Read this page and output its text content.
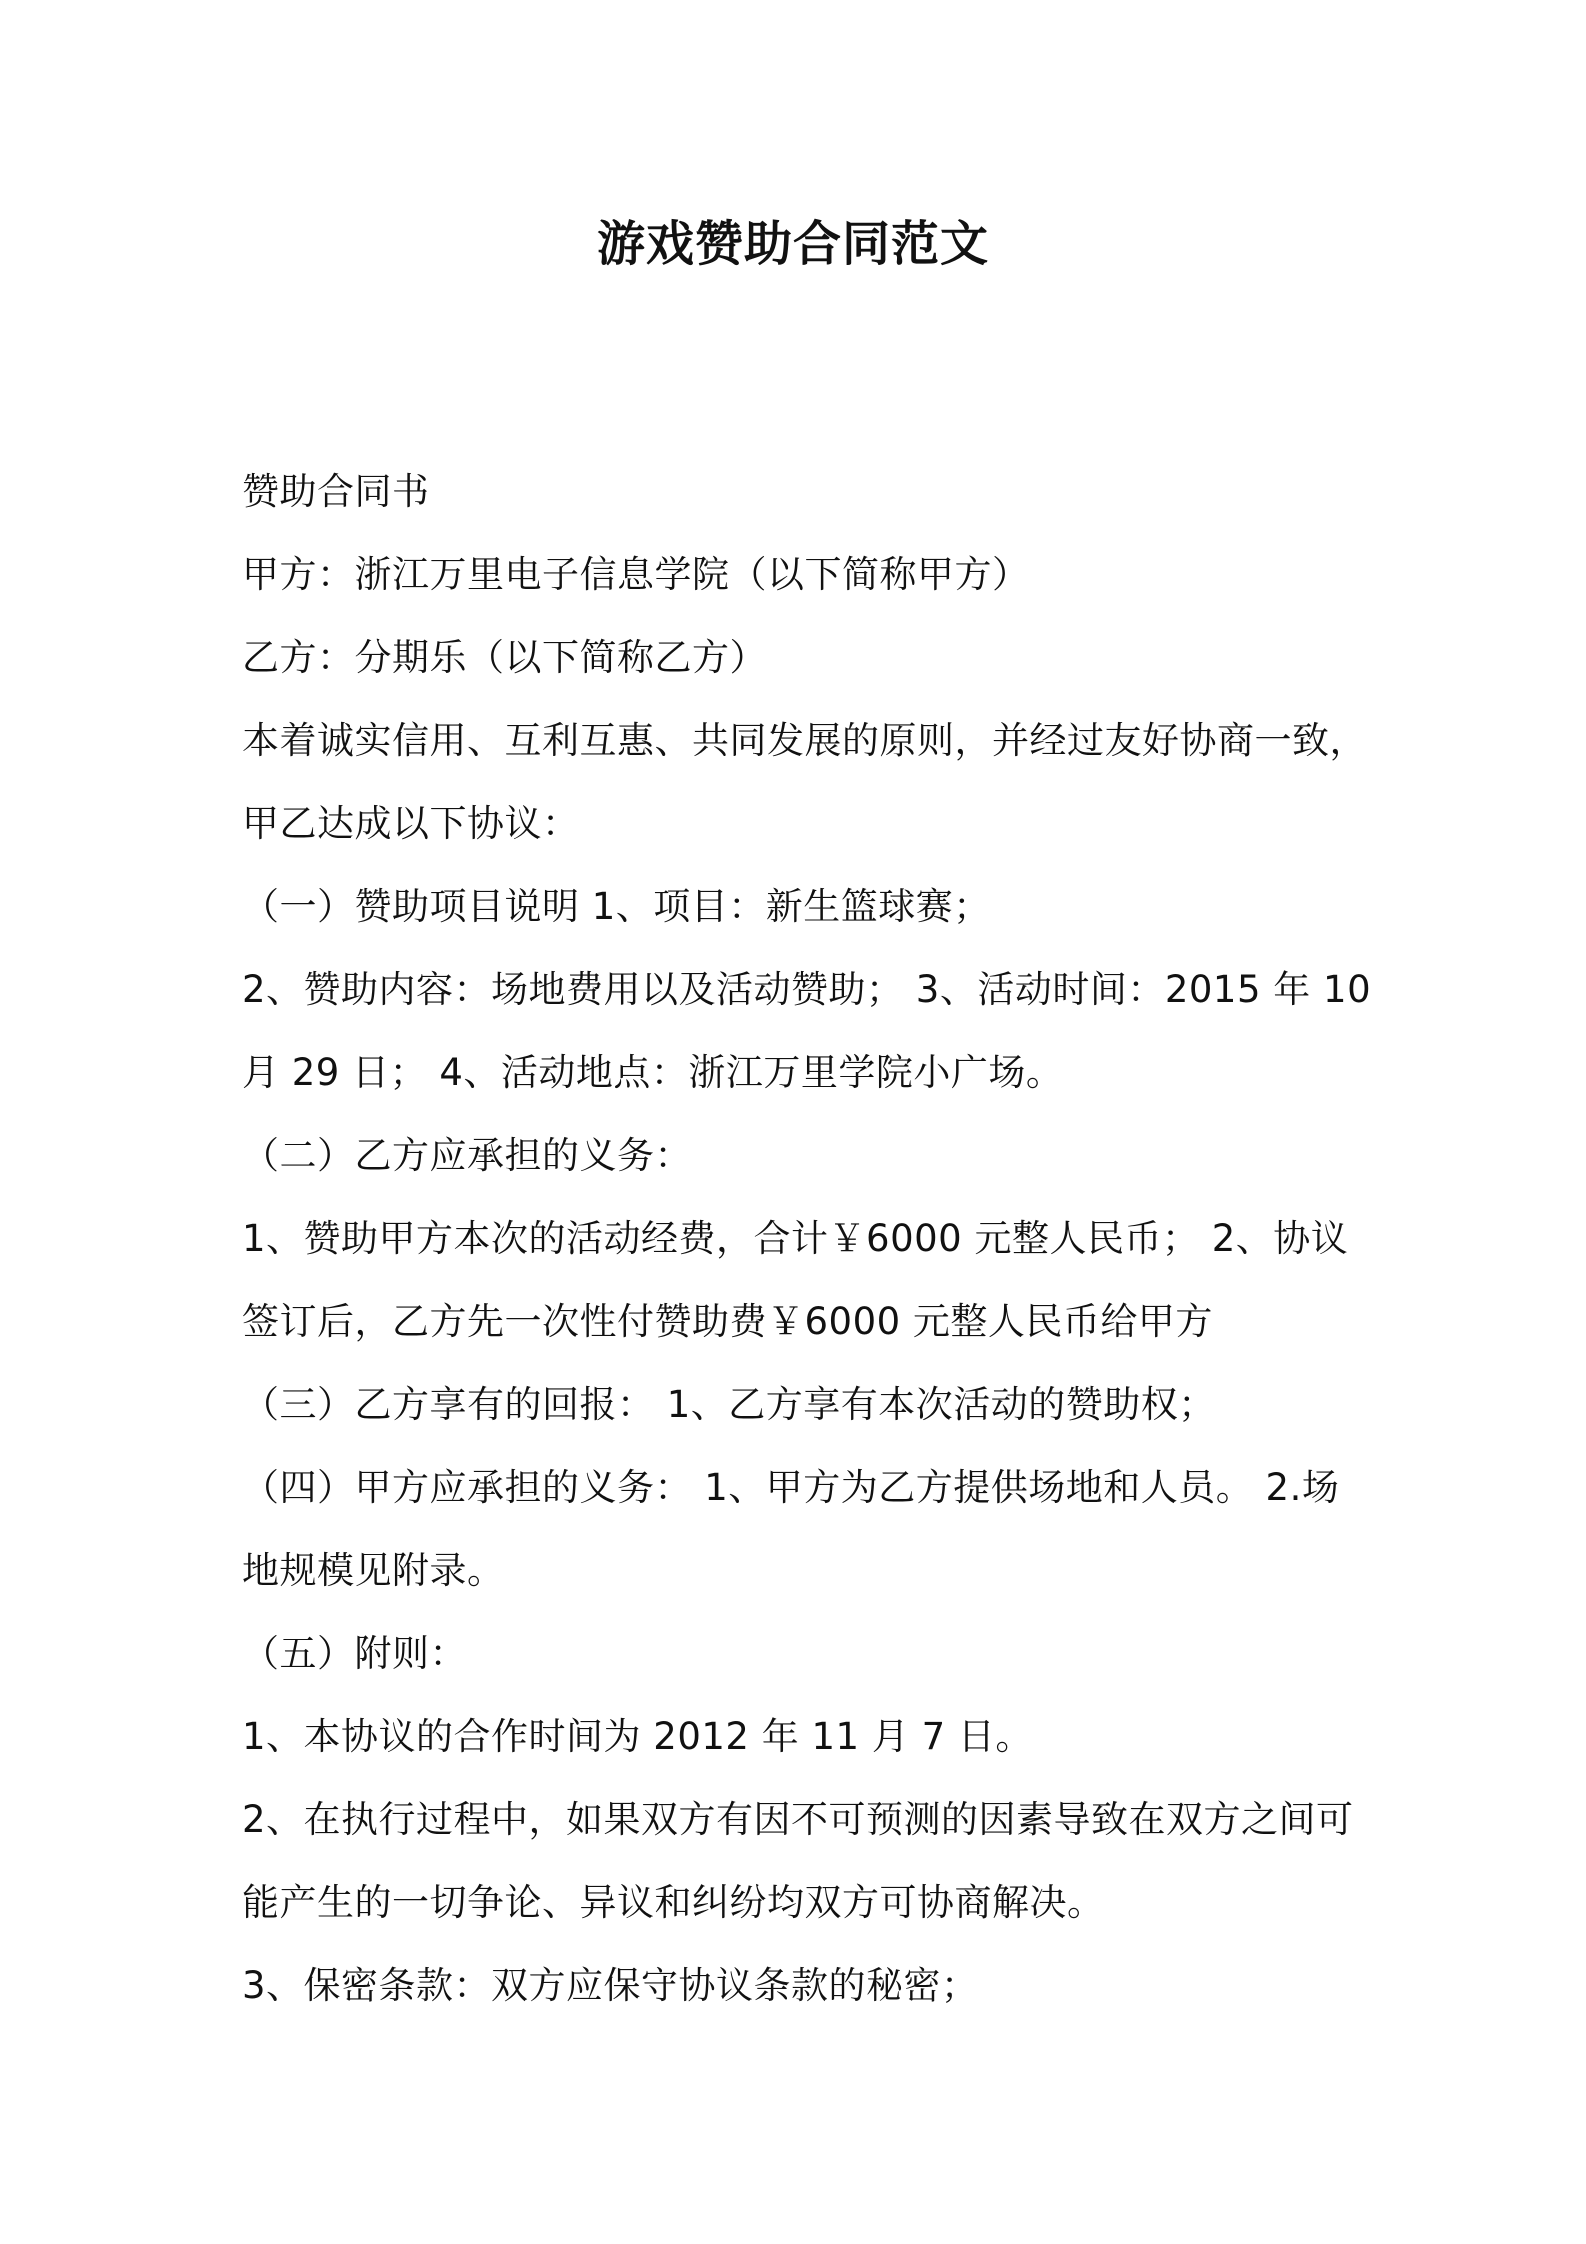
游戏赞助合同范文
赞助合同书
甲方：浙江万里电子信息学院（以下简称甲方）
乙方：分期乐（以下简称乙方）
本着诚实信用、互利互惠、共同发展的原则，并经过友好协商一致，
甲乙达成以下协议：
（一）赞助项目说明 1、项目：新生篮球赛；
2、赞助内容：场地费用以及活动赞助； 3、活动时间：2015 年 10
月 29 日； 4、活动地点：浙江万里学院小广场。
（二）乙方应承担的义务：
1、赞助甲方本次的活动经费，合计￥6000 元整人民币； 2、协议
签订后，乙方先一次性付赞助费￥6000 元整人民币给甲方
（三）乙方享有的回报： 1、乙方享有本次活动的赞助权；
（四）甲方应承担的义务： 1、甲方为乙方提供场地和人员。 2.场
地规模见附录。
（五）附则：
1、本协议的合作时间为 2012 年 11 月 7 日。
2、在执行过程中，如果双方有因不可预测的因素导致在双方之间可
能产生的一切争论、异议和纠纷均双方可协商解决。
3、保密条款：双方应保守协议条款的秘密；
